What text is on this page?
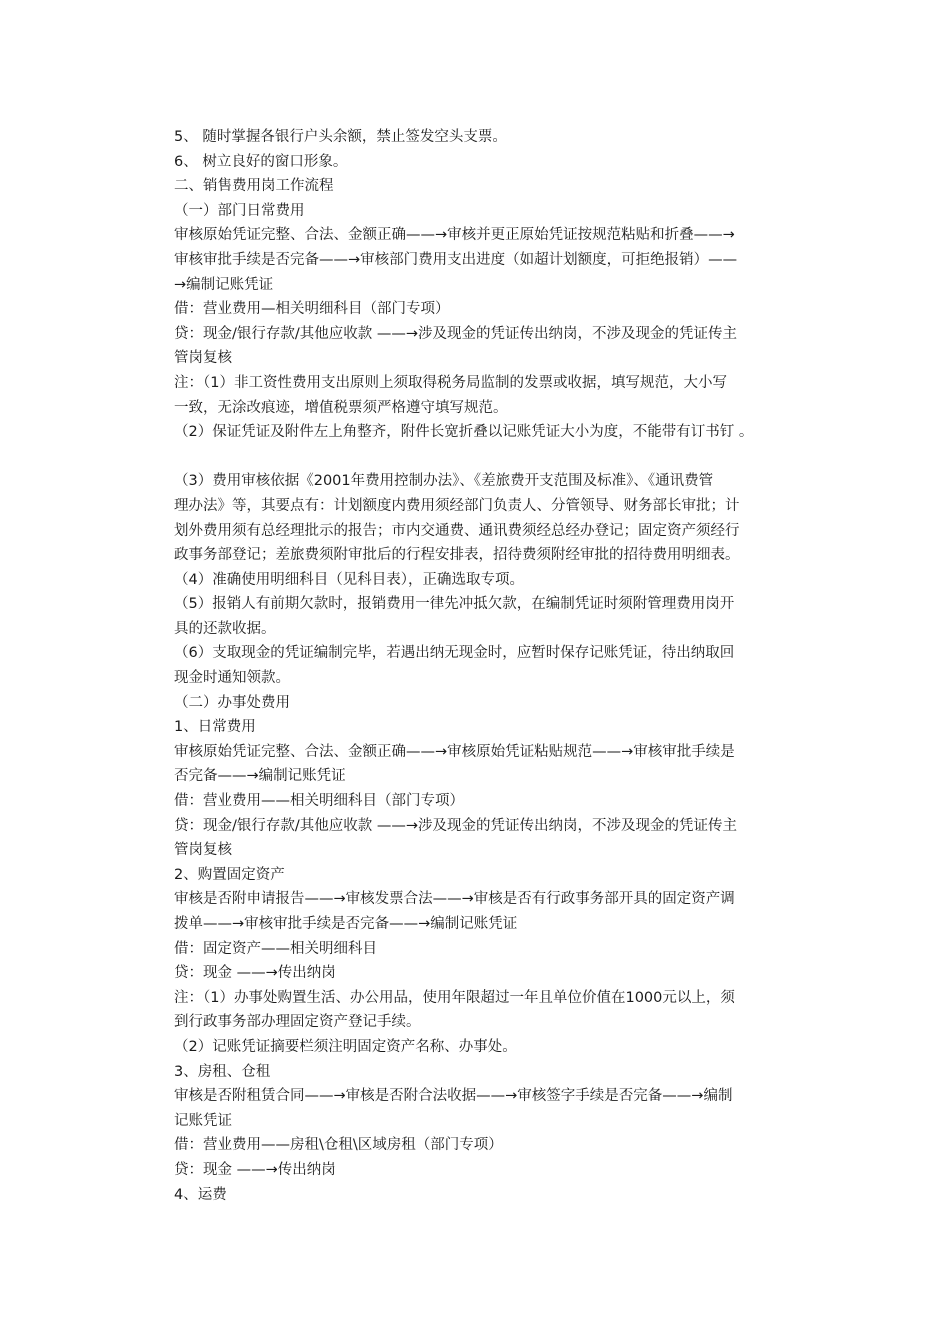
5、 随时掌握各银行户头余额，禁止签发空头支票。
6、 树立良好的窗口形象。
二、销售费用岗工作流程
（一）部门日常费用
审核原始凭证完整、合法、金额正确——→审核并更正原始凭证按规范粘贴和折叠——→
审核审批手续是否完备——→审核部门费用支出进度（如超计划额度，可拒绝报销）——
→编制记账凭证
借：营业费用—相关明细科目（部门专项）
贷：现金/银行存款/其他应收款 ——→涉及现金的凭证传出纳岗，不涉及现金的凭证传主
管岗复核
注：（1）非工资性费用支出原则上须取得税务局监制的发票或收据，填写规范，大小写
一致，无涂改痕迹，增值税票须严格遵守填写规范。
（2）保证凭证及附件左上角整齐，附件长宽折叠以记账凭证大小为度，不能带有订书钉 。
（3）费用审核依据《2001年费用控制办法》、《差旅费开支范围及标准》、《通讯费管
理办法》等，其要点有：计划额度内费用须经部门负责人、分管领导、财务部长审批；计
划外费用须有总经理批示的报告；市内交通费、通讯费须经总经办登记；固定资产须经行
政事务部登记；差旅费须附审批后的行程安排表，招待费须附经审批的招待费用明细表。
（4）准确使用明细科目（见科目表），正确选取专项。
（5）报销人有前期欠款时，报销费用一律先冲抵欠款，在编制凭证时须附管理费用岗开
具的还款收据。
（6）支取现金的凭证编制完毕，若遇出纳无现金时，应暂时保存记账凭证，待出纳取回
现金时通知领款。
（二）办事处费用
1、日常费用
审核原始凭证完整、合法、金额正确——→审核原始凭证粘贴规范——→审核审批手续是
否完备——→编制记账凭证
借：营业费用——相关明细科目（部门专项）
贷：现金/银行存款/其他应收款 ——→涉及现金的凭证传出纳岗，不涉及现金的凭证传主
管岗复核
2、购置固定资产
审核是否附申请报告——→审核发票合法——→审核是否有行政事务部开具的固定资产调
拨单——→审核审批手续是否完备——→编制记账凭证
借：固定资产——相关明细科目
贷：现金 ——→传出纳岗
注：（1）办事处购置生活、办公用品，使用年限超过一年且单位价值在1000元以上，须
到行政事务部办理固定资产登记手续。
（2）记账凭证摘要栏须注明固定资产名称、办事处。
3、房租、仓租
审核是否附租赁合同——→审核是否附合法收据——→审核签字手续是否完备——→编制
记账凭证
借：营业费用——房租\仓租\区域房租（部门专项）
贷：现金 ——→传出纳岗
4、运费
